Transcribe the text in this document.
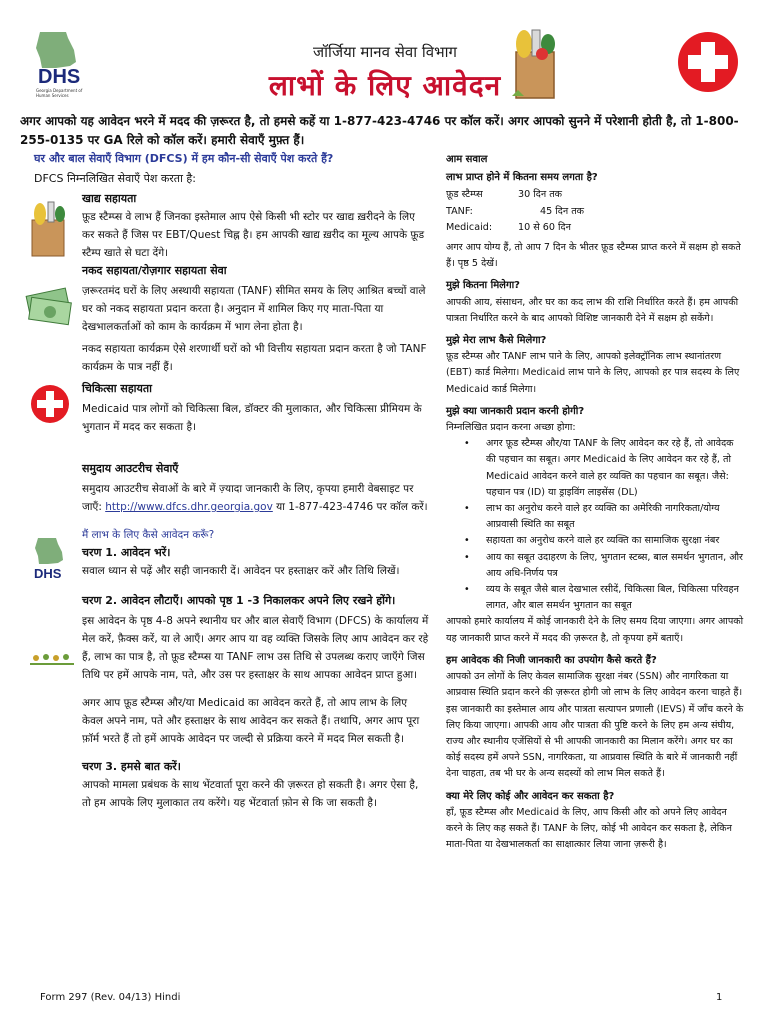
DHS
Georgia Department of Human Services
जॉर्जिया मानव सेवा विभाग
लाभों के लिए आवेदन
अगर आपको यह आवेदन भरने में मदद की ज़रूरत है, तो हमसे कहें या 1-877-423-4746 पर कॉल करें। अगर आपको सुनने में परेशानी होती है, तो 1-800-255-0135 पर GA रिले को कॉल करें। हमारी सेवाएँ मुफ़्त हैं।

घर और बाल सेवाएँ विभाग (DFCS) में हम कौन-सी सेवाएँ पेश करते हैं?

DFCS निम्नलिखित सेवाएँ पेश करता है:

खाद्य सहायता

फ़ूड स्टैम्प्स वे लाभ हैं जिनका इस्तेमाल आप ऐसे किसी भी स्टोर पर खाद्य ख़रीदने के लिए कर सकते हैं जिस पर EBT/Quest चिह्न है। हम आपकी खाद्य ख़रीद का मूल्य आपके फ़ूड स्टैम्प खाते से घटा देंगे।

नकद सहायता/रोज़गार सहायता सेवा

ज़रूरतमंद घरों के लिए अस्थायी सहायता (TANF) सीमित समय के लिए आश्रित बच्चों वाले घर को नकद सहायता प्रदान करता है। अनुदान में शामिल किए गए माता-पिता या देखभालकर्ताओं को काम के कार्यक्रम में भाग लेना होता है।

नकद सहायता कार्यक्रम ऐसे शरणार्थी घरों को भी वित्तीय सहायता प्रदान करता है जो TANF कार्यक्रम के पात्र नहीं हैं।

चिकित्सा सहायता

Medicaid पात्र लोगों को चिकित्सा बिल, डॉक्टर की मुलाकात, और चिकित्सा प्रीमियम के भुगतान में मदद कर सकता है।

समुदाय आउटरीच सेवाएँ

समुदाय आउटरीच सेवाओं के बारे में ज़्यादा जानकारी के लिए, कृपया हमारी वेबसाइट पर जाएँ: http://www.dfcs.dhr.georgia.gov या 1-877-423-4746 पर कॉल करें।

DHS

मैं लाभ के लिए कैसे आवेदन करूँ?

चरण 1. आवेदन भरें।

सवाल ध्यान से पढ़ें और सही जानकारी दें। आवेदन पर हस्ताक्षर करें और तिथि लिखें।

चरण 2. आवेदन लौटाएँ। आपको पृष्ठ 1 -3 निकालकर अपने लिए रखने होंगे।

इस आवेदन के पृष्ठ 4-8 अपने स्थानीय घर और बाल सेवाएँ विभाग (DFCS) के कार्यालय में मेल करें, फ़ैक्स करें, या ले आएँ। अगर आप या वह व्यक्ति जिसके लिए आप आवेदन कर रहे हैं, लाभ का पात्र है, तो फ़ूड स्टैम्प्स या TANF लाभ उस तिथि से उपलब्ध कराए जाएँगे जिस तिथि पर हमें आपके नाम, पते, और उस पर हस्ताक्षर के साथ आपका आवेदन प्राप्त हुआ।

अगर आप फ़ूड स्टैम्प्स और/या Medicaid का आवेदन करते हैं, तो आप लाभ के लिए केवल अपने नाम, पते और हस्ताक्षर के साथ आवेदन कर सकते हैं। तथापि, अगर आप पूरा फ़ॉर्म भरते हैं तो हमें आपके आवेदन पर जल्दी से प्रक्रिया करने में मदद मिल सकती है।

चरण 3. हमसे बात करें।

आपको मामला प्रबंधक के साथ भेंटवार्ता पूरा करने की ज़रूरत हो सकती है। अगर ऐसा है, तो हम आपके लिए मुलाकात तय करेंगे। यह भेंटवार्ता फ़ोन से कि जा सकती है।

आम सवाल

लाभ प्राप्त होने में कितना समय लगता है?

फ़ूड स्टैम्प्स	30 दिन तक
TANF:	45 दिन तक
Medicaid:	10 से 60 दिन

अगर आप योग्य हैं, तो आप 7 दिन के भीतर फ़ूड स्टैम्प्स प्राप्त करने में सक्षम हो सकते हैं। पृष्ठ 5 देखें।

मुझे कितना मिलेगा?

आपकी आय, संसाधन, और घर का कद लाभ की राशि निर्धारित करते हैं। हम आपकी पात्रता निर्धारित करने के बाद आपको विशिष्ट जानकारी देने में सक्षम हो सकेंगे।

मुझे मेरा लाभ कैसे मिलेगा?

फ़ूड स्टैम्प्स और TANF लाभ पाने के लिए, आपको इलेक्ट्रॉनिक लाभ स्थानांतरण (EBT) कार्ड मिलेगा। Medicaid लाभ पाने के लिए, आपको हर पात्र सदस्य के लिए Medicaid कार्ड मिलेगा।

मुझे क्या जानकारी प्रदान करनी होगी?

निम्नलिखित प्रदान करना अच्छा होगा:

• अगर फ़ूड स्टैम्प्स और/या TANF के लिए आवेदन कर रहे हैं, तो आवेदक की पहचान का सबूत। अगर Medicaid के लिए आवेदन कर रहे हैं, तो Medicaid आवेदन करने वाले हर व्यक्ति का पहचान का सबूत। जैसे: पहचान पत्र (ID) या ड्राइविंग लाइसेंस (DL)
• लाभ का अनुरोध करने वाले हर व्यक्ति का अमेरिकी नागरिकता/योग्य आप्रवासी स्थिति का सबूत
• सहायता का अनुरोध करने वाले हर व्यक्ति का सामाजिक सुरक्षा नंबर
• आय का सबूत उदाहरण के लिए, भुगतान स्टब्स, बाल समर्थन भुगतान, और आय अधि-निर्णय पत्र
• व्यय के सबूत जैसे बाल देखभाल रसीदें, चिकित्सा बिल, चिकित्सा परिवहन लागत, और बाल समर्थन भुगतान का सबूत

आपको हमारे कार्यालय में कोई जानकारी देने के लिए समय दिया जाएगा। अगर आपको यह जानकारी प्राप्त करने में मदद की ज़रूरत है, तो कृपया हमें बताएँ।

हम आवेदक की निजी जानकारी का उपयोग कैसे करते हैं?

आपको उन लोगों के लिए केवल सामाजिक सुरक्षा नंबर (SSN) और नागरिकता या आप्रवास स्थिति प्रदान करने की ज़रूरत होगी जो लाभ के लिए आवेदन करना चाहते हैं। इस जानकारी का इस्तेमाल आय और पात्रता सत्यापन प्रणाली (IEVS) में जाँच करने के लिए किया जाएगा। आपकी आय और पात्रता की पुष्टि करने के लिए हम अन्य संघीय, राज्य और स्थानीय एजेंसियों से भी आपकी जानकारी का मिलान करेंगे। अगर घर का कोई सदस्य हमें अपने SSN, नागरिकता, या आप्रवास स्थिति के बारे में जानकारी नहीं देना चाहता, तब भी घर के अन्य सदस्यों को लाभ मिल सकते हैं।

क्या मेरे लिए कोई और आवेदन कर सकता है?

हाँ, फ़ूड स्टैम्प्स और Medicaid के लिए, आप किसी और को अपने लिए आवेदन करने के लिए कह सकते हैं। TANF के लिए, कोई भी आवेदन कर सकता है, लेकिन माता-पिता या देखभालकर्ता का साक्षात्कार लिया जाना ज़रूरी है।

Form 297 (Rev. 04/13) Hindi	1
